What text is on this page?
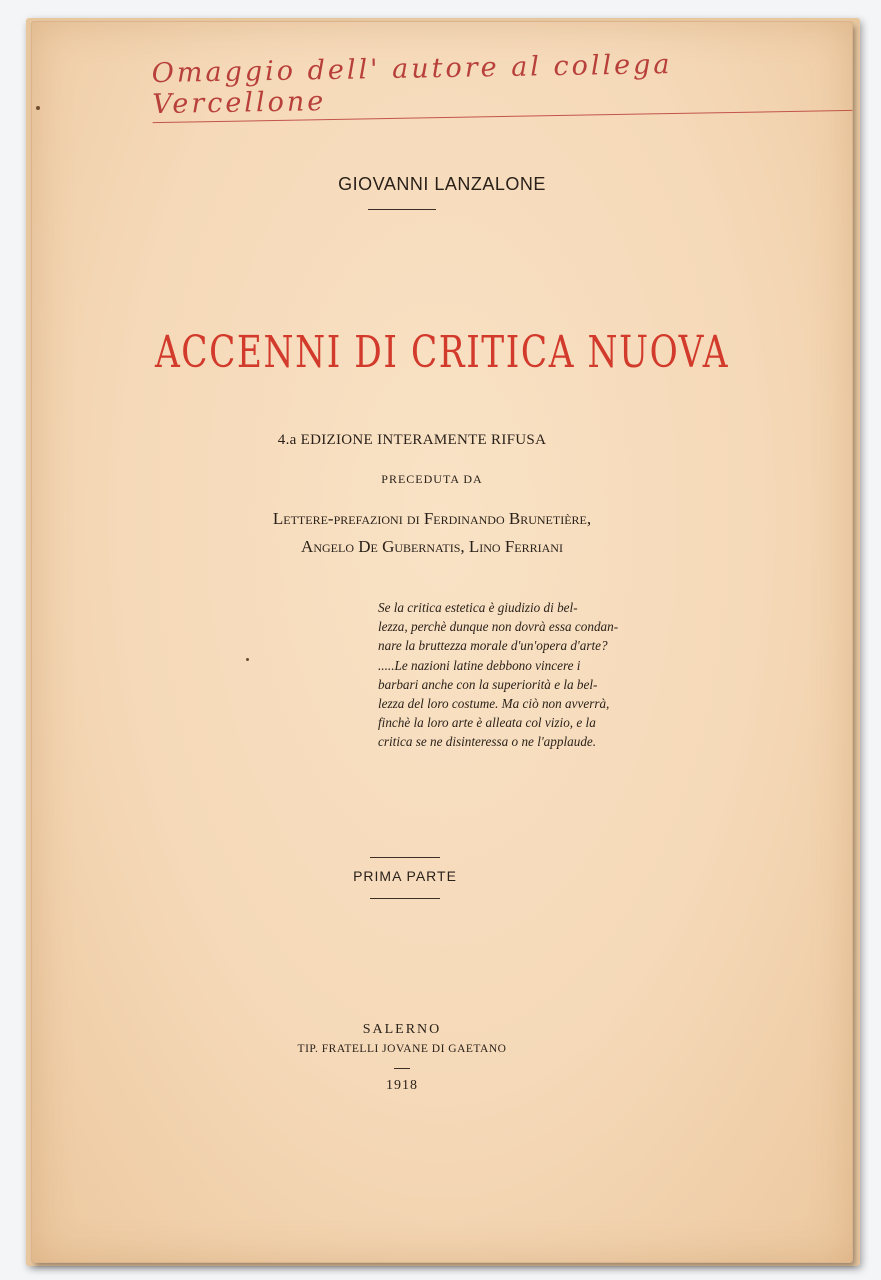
Omaggio dell' autore al collega Vercellone
GIOVANNI LANZALONE
ACCENNI DI CRITICA NUOVA
4.a EDIZIONE INTERAMENTE RIFUSA
PRECEDUTA DA
Lettere-prefazioni di Ferdinando Brunetière,
Angelo De Gubernatis, Lino Ferriani
Se la critica estetica è giudizio di bel-
lezza, perchè dunque non dovrà essa condan-
nare la bruttezza morale d'un'opera d'arte?
.....Le nazioni latine debbono vincere i
barbari anche con la superiorità e la bel-
lezza del loro costume. Ma ciò non avverrà,
finchè la loro arte è alleata col vizio, e la
critica se ne disinteressa o ne l'applaude.
PRIMA PARTE
SALERNO
TIP. FRATELLI JOVANE DI GAETANO
1918
